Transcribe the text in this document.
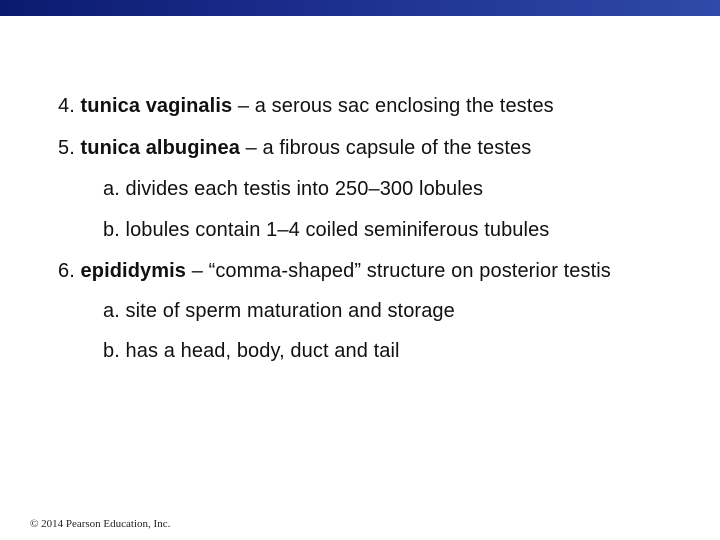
4. tunica vaginalis – a serous sac enclosing the testes
5. tunica albuginea – a fibrous capsule of the testes
a. divides each testis into 250–300 lobules
b. lobules contain 1–4 coiled seminiferous tubules
6. epididymis – “comma-shaped” structure on posterior testis
a. site of sperm maturation and storage
b. has a head, body, duct and tail
© 2014 Pearson Education, Inc.
